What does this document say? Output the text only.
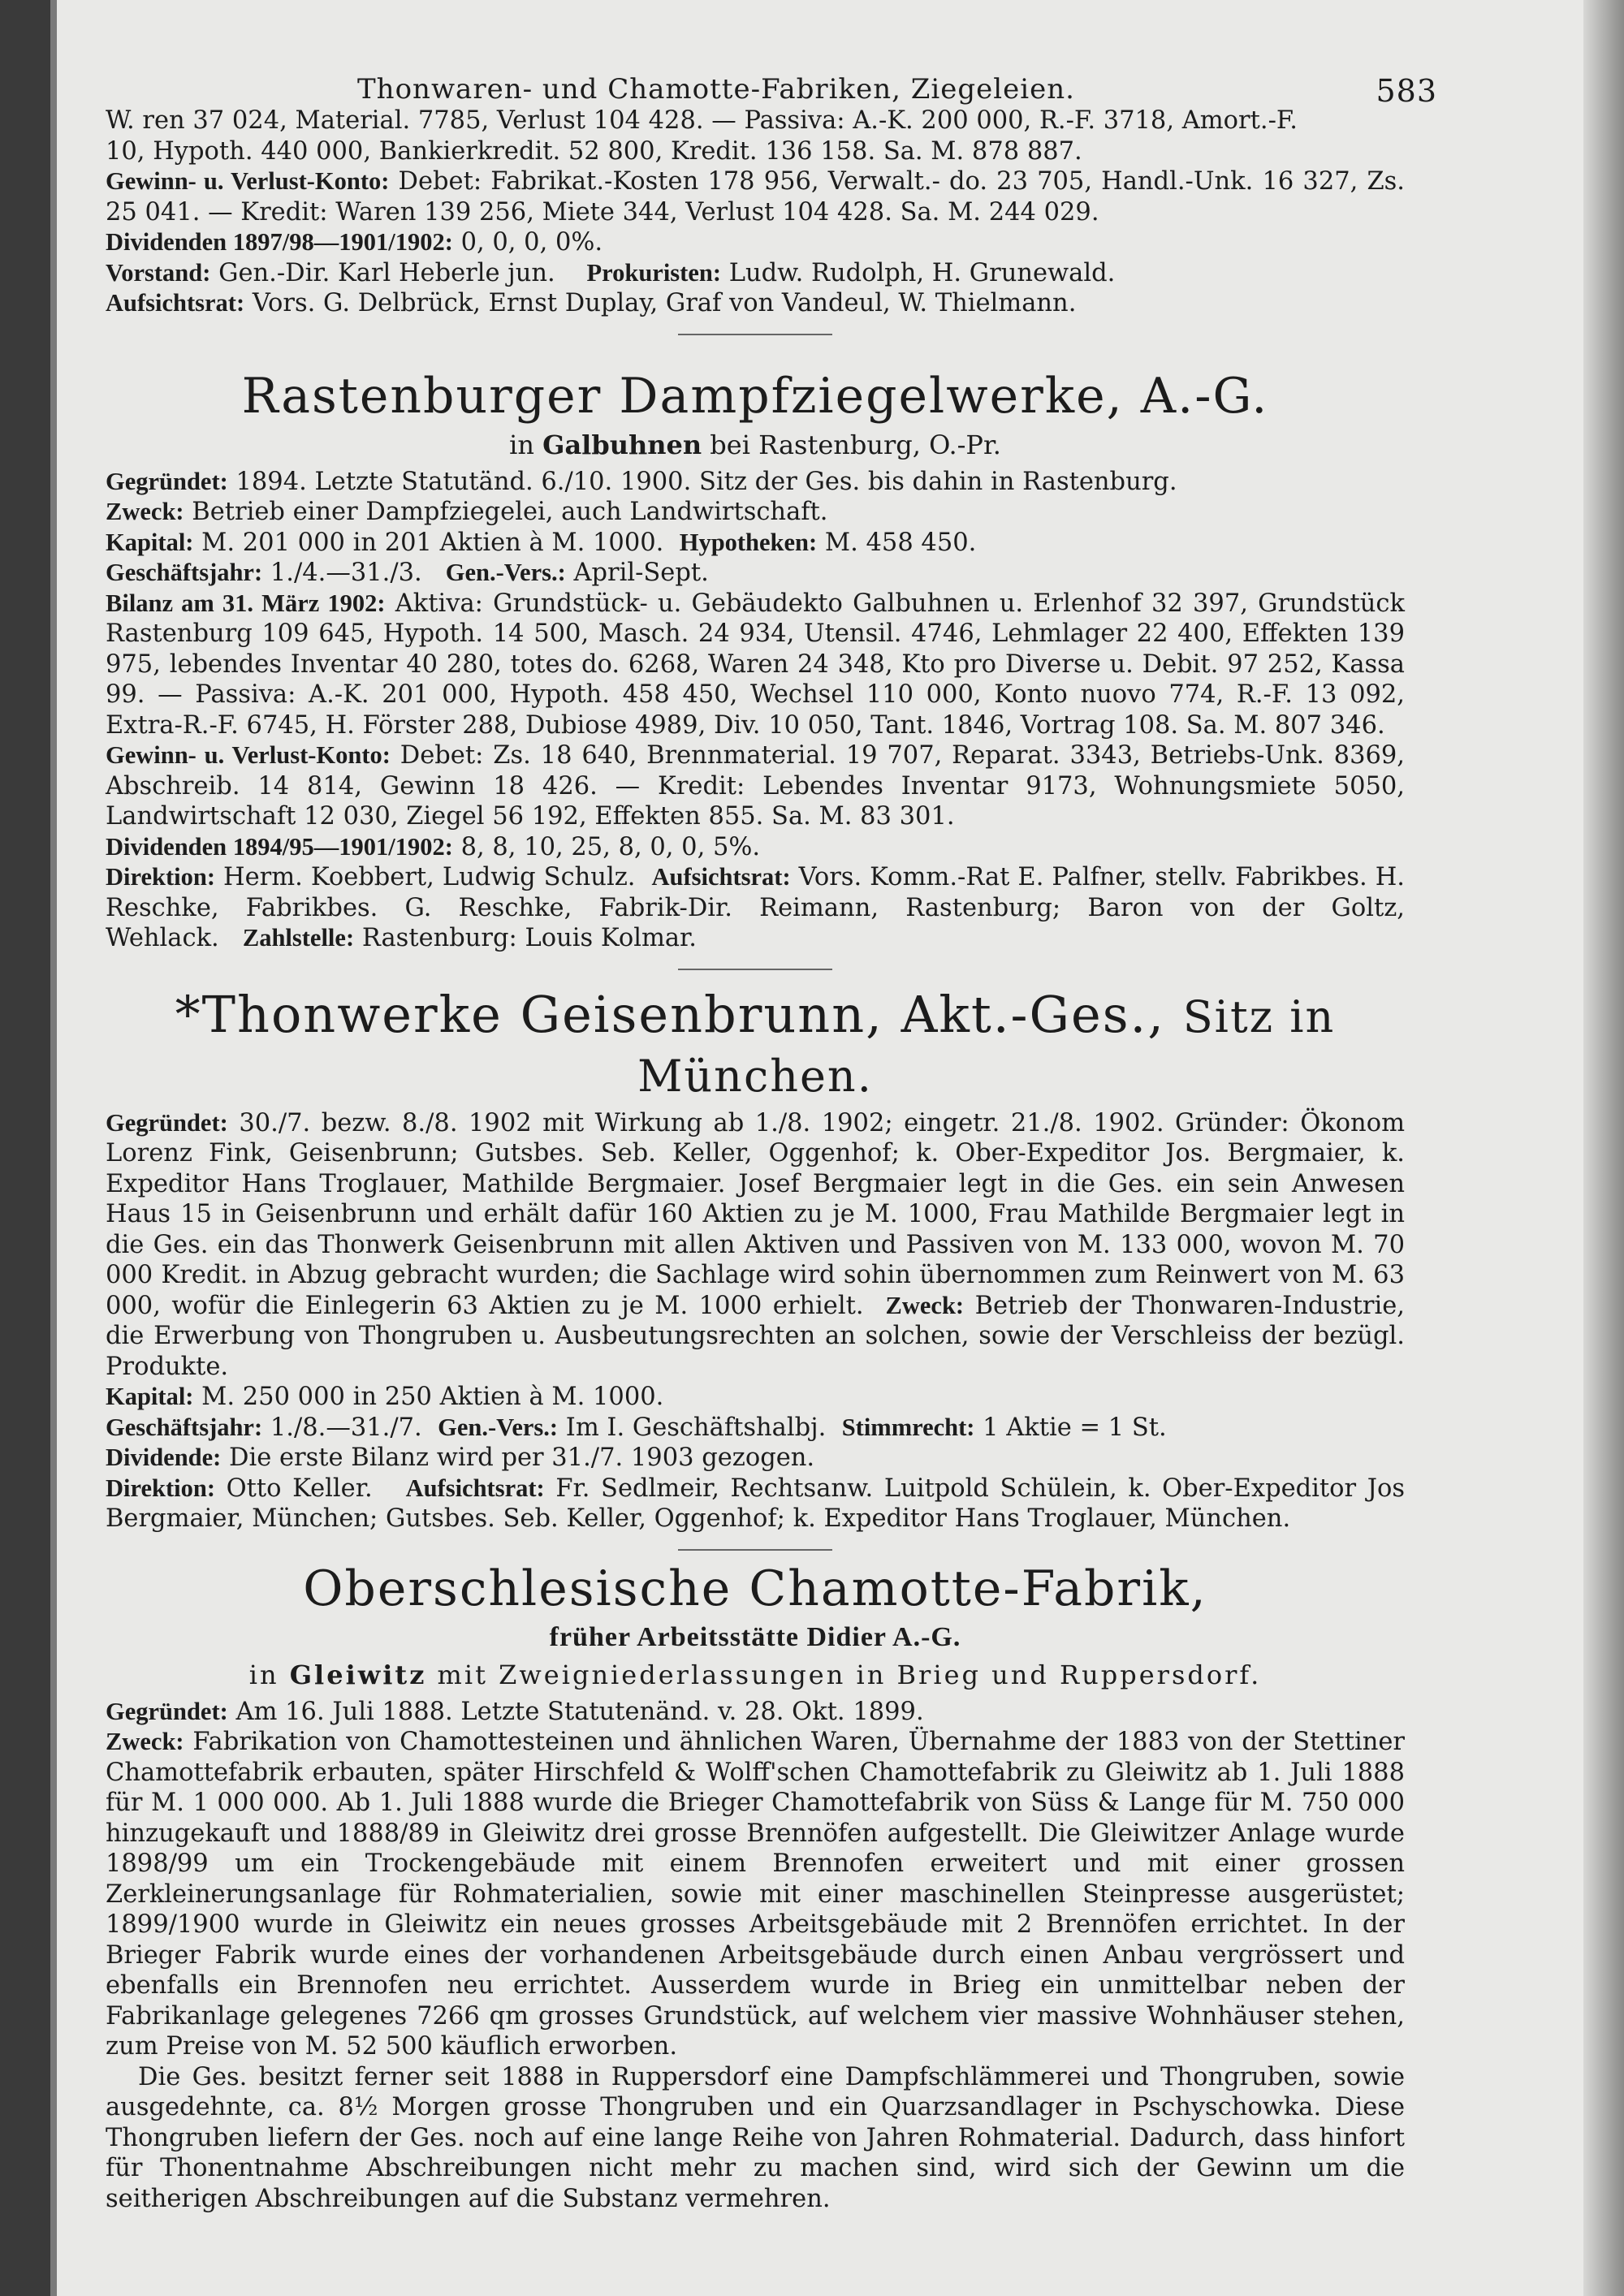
Thonwaren- und Chamotte-Fabriken, Ziegeleien.	583

W. ren 37 024, Material. 7785, Verlust 104 428. — Passiva: A.-K. 200 000, R.-F. 3718, Amort.-F.

10, Hypoth. 440 000, Bankierkredit. 52 800, Kredit. 136 158. Sa. M. 878 887.

Gewinn- u. Verlust-Konto: Debet: Fabrikat.-Kosten 178 956, Verwalt.- do. 23 705, Handl.-Unk. 16 327, Zs. 25 041. — Kredit: Waren 139 256, Miete 344, Verlust 104 428. Sa. M. 244 029.

Dividenden 1897/98—1901/1902: 0, 0, 0, 0%.

Vorstand: Gen.-Dir. Karl Heberle jun. Prokuristen: Ludw. Rudolph, H. Grunewald.

Aufsichtsrat: Vors. G. Delbrück, Ernst Duplay, Graf von Vandeul, W. Thielmann.

Rastenburger Dampfziegelwerke, A.-G.
in Galbuhnen bei Rastenburg, O.-Pr.

Gegründet: 1894. Letzte Statutänd. 6./10. 1900. Sitz der Ges. bis dahin in Rastenburg.

Zweck: Betrieb einer Dampfziegelei, auch Landwirtschaft.

Kapital: M. 201 000 in 201 Aktien à M. 1000. Hypotheken: M. 458 450.

Geschäftsjahr: 1./4.—31./3. Gen.-Vers.: April-Sept.

Bilanz am 31. März 1902: Aktiva: Grundstück- u. Gebäudekto Galbuhnen u. Erlenhof 32 397, Grundstück Rastenburg 109 645, Hypoth. 14 500, Masch. 24 934, Utensil. 4746, Lehmlager 22 400, Effekten 139 975, lebendes Inventar 40 280, totes do. 6268, Waren 24 348, Kto pro Diverse u. Debit. 97 252, Kassa 99. — Passiva: A.-K. 201 000, Hypoth. 458 450, Wechsel 110 000, Konto nuovo 774, R.-F. 13 092, Extra-R.-F. 6745, H. Förster 288, Dubiose 4989, Div. 10 050, Tant. 1846, Vortrag 108. Sa. M. 807 346.

Gewinn- u. Verlust-Konto: Debet: Zs. 18 640, Brennmaterial. 19 707, Reparat. 3343, Betriebs-Unk. 8369, Abschreib. 14 814, Gewinn 18 426. — Kredit: Lebendes Inventar 9173, Wohnungsmiete 5050, Landwirtschaft 12 030, Ziegel 56 192, Effekten 855. Sa. M. 83 301.

Dividenden 1894/95—1901/1902: 8, 8, 10, 25, 8, 0, 0, 5%.

Direktion: Herm. Koebbert, Ludwig Schulz. Aufsichtsrat: Vors. Komm.-Rat E. Palfner, stellv. Fabrikbes. H. Reschke, Fabrikbes. G. Reschke, Fabrik-Dir. Reimann, Rastenburg; Baron von der Goltz, Wehlack. Zahlstelle: Rastenburg: Louis Kolmar.

*Thonwerke Geisenbrunn, Akt.-Ges., Sitz in München.

Gegründet: 30./7. bezw. 8./8. 1902 mit Wirkung ab 1./8. 1902; eingetr. 21./8. 1902. Gründer: Ökonom Lorenz Fink, Geisenbrunn; Gutsbes. Seb. Keller, Oggenhof; k. Ober-Expeditor Jos. Bergmaier, k. Expeditor Hans Troglauer, Mathilde Bergmaier. Josef Bergmaier legt in die Ges. ein sein Anwesen Haus 15 in Geisenbrunn und erhält dafür 160 Aktien zu je M. 1000, Frau Mathilde Bergmaier legt in die Ges. ein das Thonwerk Geisenbrunn mit allen Aktiven und Passiven von M. 133 000, wovon M. 70 000 Kredit. in Abzug gebracht wurden; die Sachlage wird sohin übernommen zum Reinwert von M. 63 000, wofür die Einlegerin 63 Aktien zu je M. 1000 erhielt. Zweck: Betrieb der Thonwaren-Industrie, die Erwerbung von Thongruben u. Ausbeutungsrechten an solchen, sowie der Verschleiss der bezügl. Produkte.

Kapital: M. 250 000 in 250 Aktien à M. 1000.

Geschäftsjahr: 1./8.—31./7. Gen.-Vers.: Im I. Geschäftshalbj. Stimmrecht: 1 Aktie = 1 St.

Dividende: Die erste Bilanz wird per 31./7. 1903 gezogen.

Direktion: Otto Keller. Aufsichtsrat: Fr. Sedlmeir, Rechtsanw. Luitpold Schülein, k. Ober-Expeditor Jos Bergmaier, München; Gutsbes. Seb. Keller, Oggenhof; k. Expeditor Hans Troglauer, München.

Oberschlesische Chamotte-Fabrik,
früher Arbeitsstätte Didier A.-G.
in Gleiwitz mit Zweigniederlassungen in Brieg und Ruppersdorf.

Gegründet: Am 16. Juli 1888. Letzte Statutenänd. v. 28. Okt. 1899.

Zweck: Fabrikation von Chamottesteinen und ähnlichen Waren, Übernahme der 1883 von der Stettiner Chamottefabrik erbauten, später Hirschfeld & Wolff'schen Chamottefabrik zu Gleiwitz ab 1. Juli 1888 für M. 1 000 000. Ab 1. Juli 1888 wurde die Brieger Chamottefabrik von Süss & Lange für M. 750 000 hinzugekauft und 1888/89 in Gleiwitz drei grosse Brennöfen aufgestellt. Die Gleiwitzer Anlage wurde 1898/99 um ein Trockengebäude mit einem Brennofen erweitert und mit einer grossen Zerkleinerungsanlage für Rohmaterialien, sowie mit einer maschinellen Steinpresse ausgerüstet; 1899/1900 wurde in Gleiwitz ein neues grosses Arbeitsgebäude mit 2 Brennöfen errichtet. In der Brieger Fabrik wurde eines der vorhandenen Arbeitsgebäude durch einen Anbau vergrössert und ebenfalls ein Brennofen neu errichtet. Ausserdem wurde in Brieg ein unmittelbar neben der Fabrikanlage gelegenes 7266 qm grosses Grundstück, auf welchem vier massive Wohnhäuser stehen, zum Preise von M. 52 500 käuflich erworben.

Die Ges. besitzt ferner seit 1888 in Ruppersdorf eine Dampfschlämmerei und Thongruben, sowie ausgedehnte, ca. 8½ Morgen grosse Thongruben und ein Quarzsandlager in Pschyschowka. Diese Thongruben liefern der Ges. noch auf eine lange Reihe von Jahren Rohmaterial. Dadurch, dass hinfort für Thonentnahme Abschreibungen nicht mehr zu machen sind, wird sich der Gewinn um die seitherigen Abschreibungen auf die Substanz vermehren.
